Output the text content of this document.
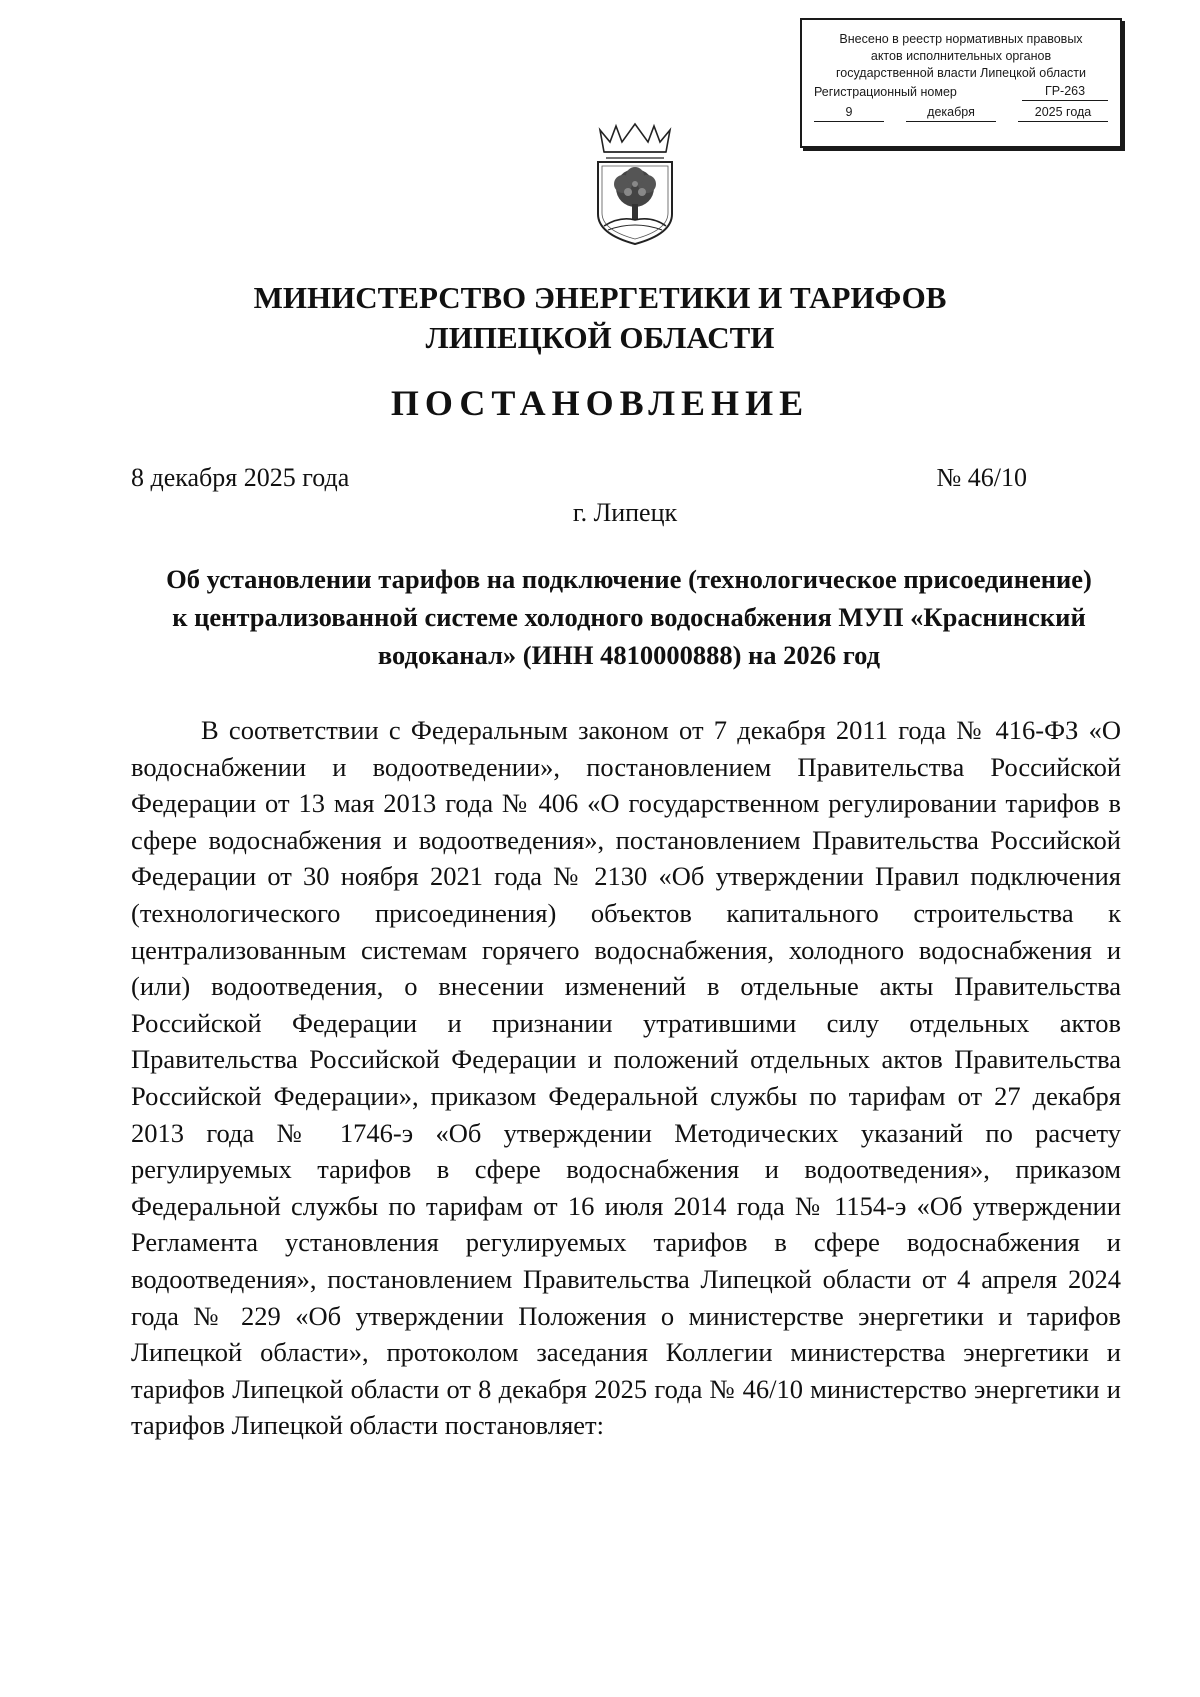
Внесено в реестр нормативных правовых
актов исполнительных органов
государственной власти Липецкой области
Регистрационный номер	ГР-263
9	декабря	2025 года
МИНИСТЕРСТВО ЭНЕРГЕТИКИ И ТАРИФОВ
ЛИПЕЦКОЙ ОБЛАСТИ
ПОСТАНОВЛЕНИЕ
8 декабря 2025 года	№ 46/10
г. Липецк
Об установлении тарифов на подключение (технологическое присоединение)
к централизованной системе холодного водоснабжения МУП «Краснинский
водоканал» (ИНН 4810000888) на 2026 год

В соответствии с Федеральным законом от 7 декабря 2011 года № 416-ФЗ «О водоснабжении и водоотведении», постановлением Правительства Российской Федерации от 13 мая 2013 года № 406 «О государственном регулировании тарифов в сфере водоснабжения и водоотведения», постановлением Правительства Российской Федерации от 30 ноября 2021 года № 2130 «Об утверждении Правил подключения (технологического присоединения) объектов капитального строительства к централизованным системам горячего водоснабжения, холодного водоснабжения и (или) водоотведения, о внесении изменений в отдельные акты Правительства Российской Федерации и признании утратившими силу отдельных актов Правительства Российской Федерации и положений отдельных актов Правительства Российской Федерации», приказом Федеральной службы по тарифам от 27 декабря 2013 года № 1746-э «Об утверждении Методических указаний по расчету регулируемых тарифов в сфере водоснабжения и водоотведения», приказом Федеральной службы по тарифам от 16 июля 2014 года № 1154-э «Об утверждении Регламента установления регулируемых тарифов в сфере водоснабжения и водоотведения», постановлением Правительства Липецкой области от 4 апреля 2024 года № 229 «Об утверждении Положения о министерстве энергетики и тарифов Липецкой области», протоколом заседания Коллегии министерства энергетики и тарифов Липецкой области от 8 декабря 2025 года № 46/10 министерство энергетики и тарифов Липецкой области постановляет:
